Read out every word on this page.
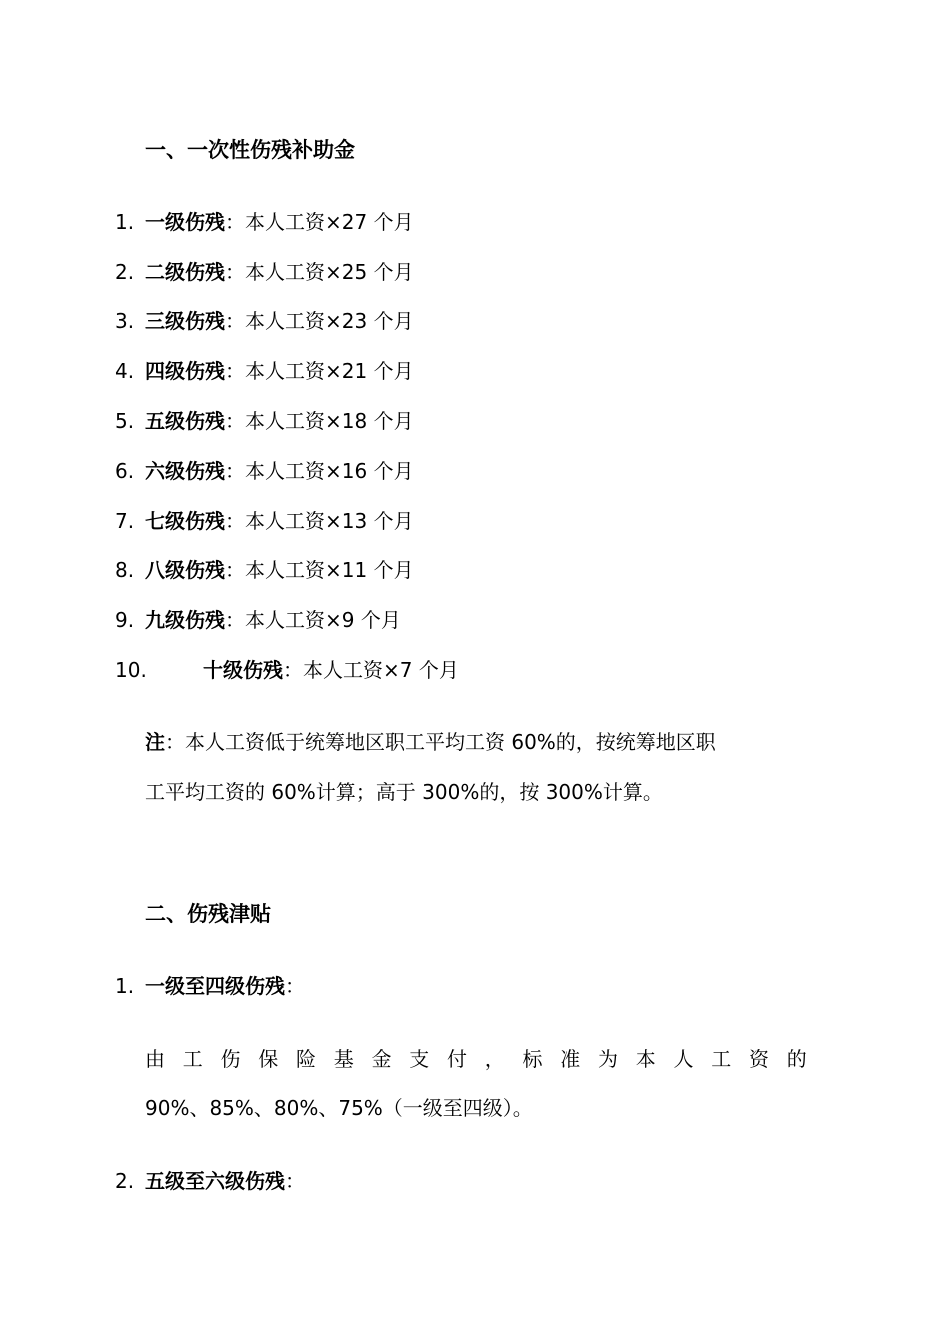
一、一次性伤残补助金
1. 一级伤残：本人工资×27 个月
2. 二级伤残：本人工资×25 个月
3. 三级伤残：本人工资×23 个月
4. 四级伤残：本人工资×21 个月
5. 五级伤残：本人工资×18 个月
6. 六级伤残：本人工资×16 个月
7. 七级伤残：本人工资×13 个月
8. 八级伤残：本人工资×11 个月
9. 九级伤残：本人工资×9 个月
10.	十级伤残：本人工资×7 个月
注：本人工资低于统筹地区职工平均工资 60%的，按统筹地区职
工平均工资的 60%计算；高于 300%的，按 300%计算。
二、伤残津贴
1. 一级至四级伤残：
由 工 伤 保 险 基 金 支 付 ， 标 准 为 本 人 工 资 的
90%、85%、80%、75%（一级至四级）。
2. 五级至六级伤残：
